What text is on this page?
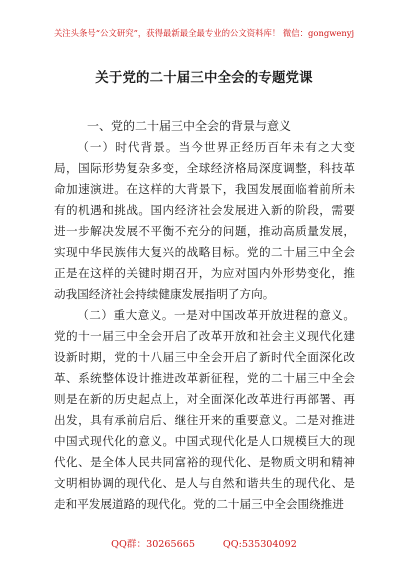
关注头条号“公文研究”，获得最新最全最专业的公文资料库！ 微信：gongwenyj
关于党的二十届三中全会的专题党课
一、党的二十届三中全会的背景与意义

（一）时代背景。当今世界正经历百年未有之大变局，国际形势复杂多变，全球经济格局深度调整，科技革命加速演进。在这样的大背景下，我国发展面临着前所未有的机遇和挑战。国内经济社会发展进入新的阶段，需要进一步解决发展不平衡不充分的问题，推动高质量发展，实现中华民族伟大复兴的战略目标。党的二十届三中全会正是在这样的关键时期召开，为应对国内外形势变化，推动我国经济社会持续健康发展指明了方向。

（二）重大意义。一是对中国改革开放进程的意义。党的十一届三中全会开启了改革开放和社会主义现代化建设新时期，党的十八届三中全会开启了新时代全面深化改革、系统整体设计推进改革新征程，党的二十届三中全会则是在新的历史起点上，对全面深化改革进行再部署、再出发，具有承前启后、继往开来的重要意义。二是对推进中国式现代化的意义。中国式现代化是人口规模巨大的现代化、是全体人民共同富裕的现代化、是物质文明和精神文明相协调的现代化、是人与自然和谐共生的现代化、是走和平发展道路的现代化。党的二十届三中全会围绕推进

QQ群：30265665	QQ:535304092
